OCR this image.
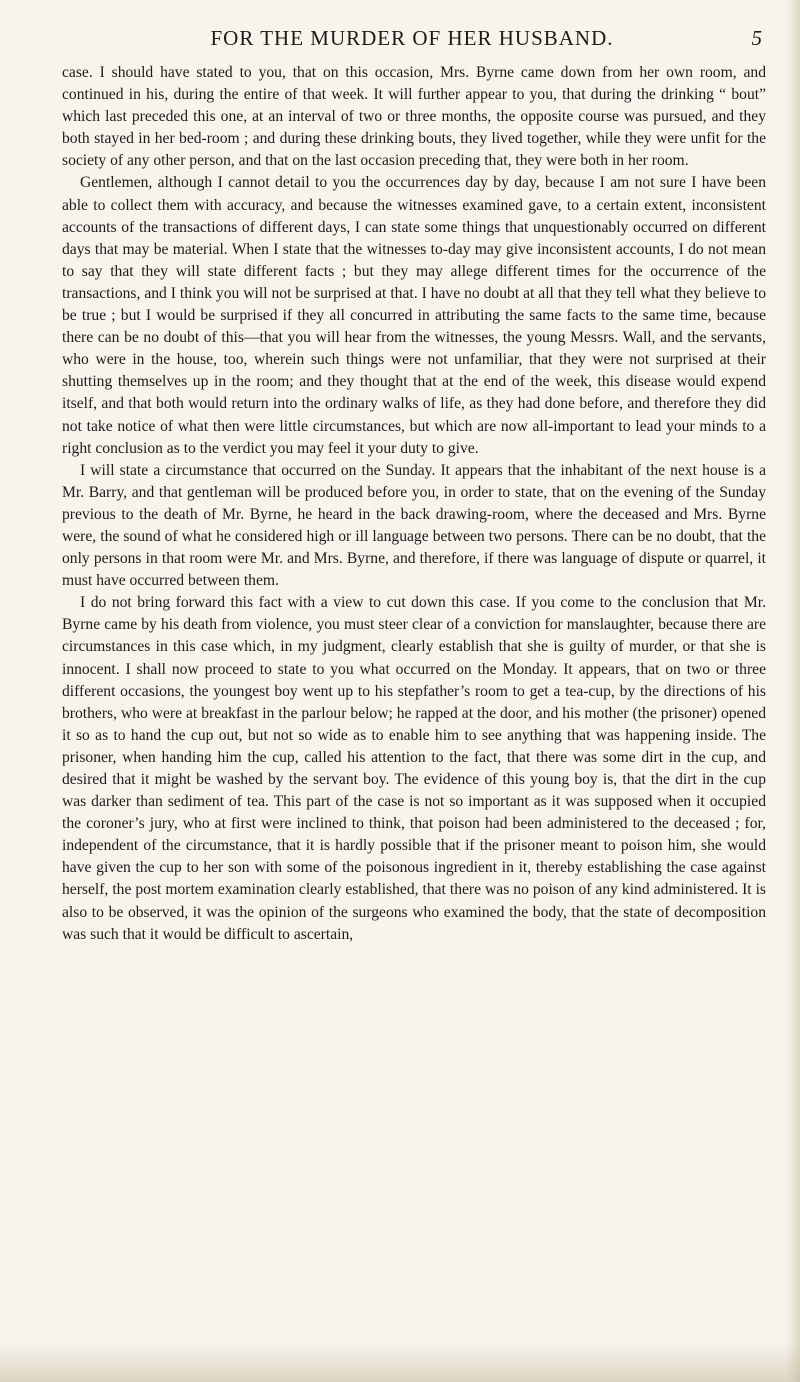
FOR THE MURDER OF HER HUSBAND.	5

case. I should have stated to you, that on this occasion, Mrs. Byrne came down from her own room, and continued in his, during the entire of that week. It will further appear to you, that during the drinking “ bout” which last preceded this one, at an interval of two or three months, the opposite course was pursued, and they both stayed in her bed-room ; and during these drinking bouts, they lived together, while they were unfit for the society of any other person, and that on the last occasion preceding that, they were both in her room.

Gentlemen, although I cannot detail to you the occurrences day by day, because I am not sure I have been able to collect them with accuracy, and because the witnesses examined gave, to a certain extent, inconsistent accounts of the transactions of different days, I can state some things that unquestionably occurred on different days that may be material. When I state that the witnesses to-day may give inconsistent accounts, I do not mean to say that they will state different facts ; but they may allege different times for the occurrence of the transactions, and I think you will not be surprised at that. I have no doubt at all that they tell what they believe to be true ; but I would be surprised if they all concurred in attributing the same facts to the same time, because there can be no doubt of this—that you will hear from the witnesses, the young Messrs. Wall, and the servants, who were in the house, too, wherein such things were not unfamiliar, that they were not surprised at their shutting themselves up in the room; and they thought that at the end of the week, this disease would expend itself, and that both would return into the ordinary walks of life, as they had done before, and therefore they did not take notice of what then were little circumstances, but which are now all-important to lead your minds to a right conclusion as to the verdict you may feel it your duty to give.

I will state a circumstance that occurred on the Sunday. It appears that the inhabitant of the next house is a Mr. Barry, and that gentleman will be produced before you, in order to state, that on the evening of the Sunday previous to the death of Mr. Byrne, he heard in the back drawing-room, where the deceased and Mrs. Byrne were, the sound of what he considered high or ill language between two persons. There can be no doubt, that the only persons in that room were Mr. and Mrs. Byrne, and therefore, if there was language of dispute or quarrel, it must have occurred between them.

I do not bring forward this fact with a view to cut down this case. If you come to the conclusion that Mr. Byrne came by his death from violence, you must steer clear of a conviction for manslaughter, because there are circumstances in this case which, in my judgment, clearly establish that she is guilty of murder, or that she is innocent. I shall now proceed to state to you what occurred on the Monday. It appears, that on two or three different occasions, the youngest boy went up to his stepfather’s room to get a tea-cup, by the directions of his brothers, who were at breakfast in the parlour below; he rapped at the door, and his mother (the prisoner) opened it so as to hand the cup out, but not so wide as to enable him to see anything that was happening inside. The prisoner, when handing him the cup, called his attention to the fact, that there was some dirt in the cup, and desired that it might be washed by the servant boy. The evidence of this young boy is, that the dirt in the cup was darker than sediment of tea. This part of the case is not so important as it was supposed when it occupied the coroner’s jury, who at first were inclined to think, that poison had been administered to the deceased ; for, independent of the circumstance, that it is hardly possible that if the prisoner meant to poison him, she would have given the cup to her son with some of the poisonous ingredient in it, thereby establishing the case against herself, the post mortem examination clearly established, that there was no poison of any kind administered. It is also to be observed, it was the opinion of the surgeons who examined the body, that the state of decomposition was such that it would be difficult to ascertain,
